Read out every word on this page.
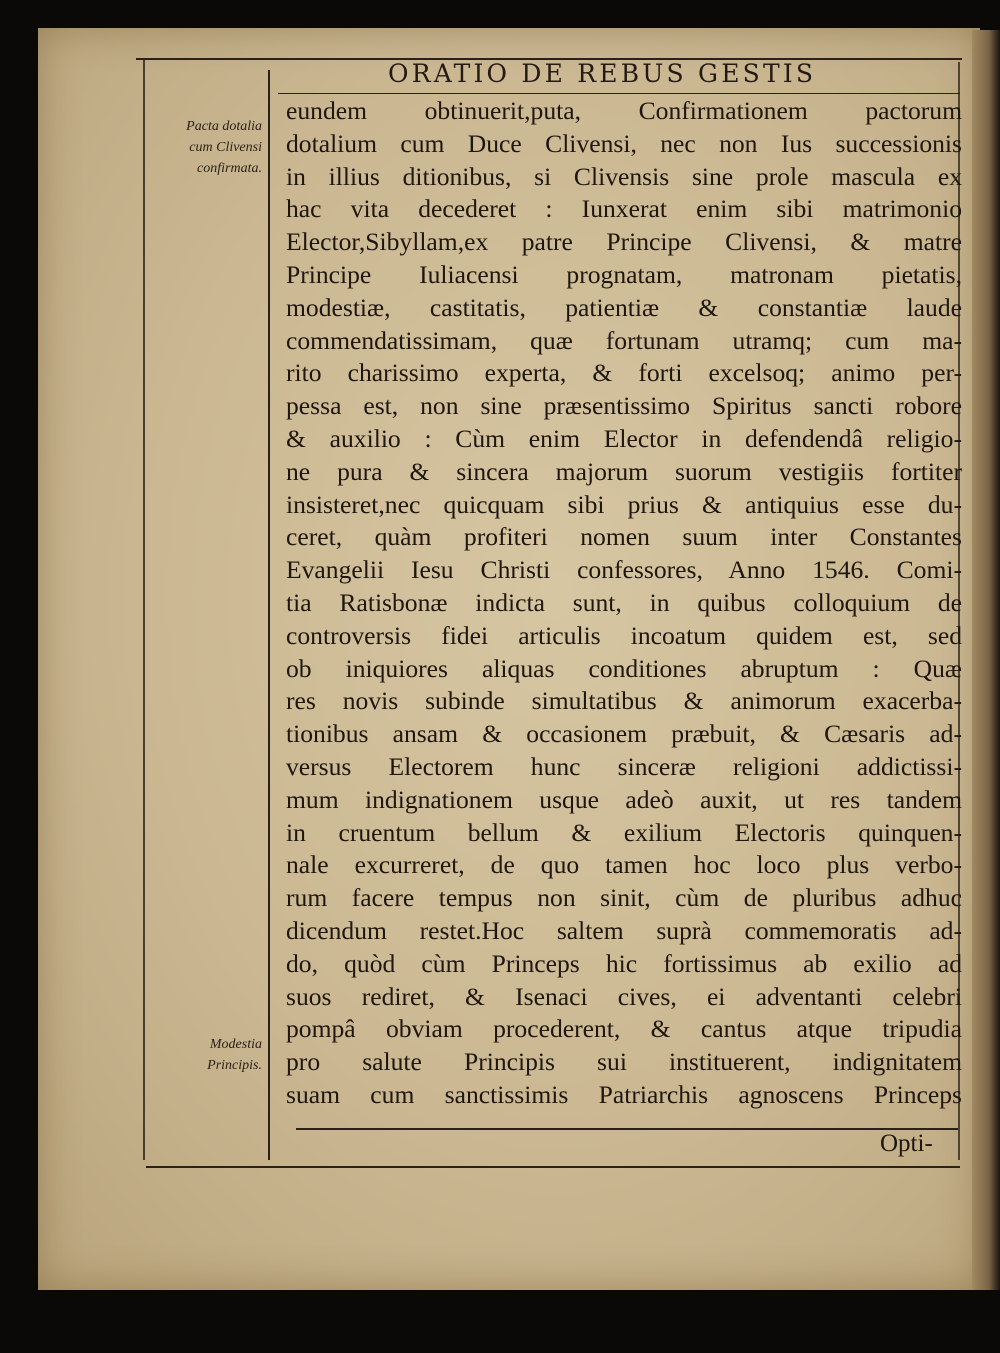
ORATIO DE REBUS GESTIS
Pacta dotalia
cum Clivensi
confirmata.
Modestia
Principis.
eundem obtinuerit,puta, Confirmationem pactorum
dotalium cum Duce Clivensi, nec non Ius successionis
in illius ditionibus, si Clivensis sine prole mascula ex
hac vita decederet : Iunxerat enim sibi matrimonio
Elector,Sibyllam,ex patre Principe Clivensi, & matre
Principe Iuliacensi prognatam, matronam pietatis,
modestiæ, castitatis, patientiæ & constantiæ laude
commendatissimam, quæ fortunam utramq; cum ma-
rito charissimo experta, & forti excelsoq; animo per-
pessa est, non sine præsentissimo Spiritus sancti robore
& auxilio : Cùm enim Elector in defendendâ religio-
ne pura & sincera majorum suorum vestigiis fortiter
insisteret,nec quicquam sibi prius & antiquius esse du-
ceret, quàm profiteri nomen suum inter Constantes
Evangelii Iesu Christi confessores, Anno 1546. Comi-
tia Ratisbonæ indicta sunt, in quibus colloquium de
controversis fidei articulis incoatum quidem est, sed
ob iniquiores aliquas conditiones abruptum : Quæ
res novis subinde simultatibus & animorum exacerba-
tionibus ansam & occasionem præbuit, & Cæsaris ad-
versus Electorem hunc sinceræ religioni addictissi-
mum indignationem usque adeò auxit, ut res tandem
in cruentum bellum & exilium Electoris quinquen-
nale excurreret, de quo tamen hoc loco plus verbo-
rum facere tempus non sinit, cùm de pluribus adhuc
dicendum restet.Hoc saltem suprà commemoratis ad-
do, quòd cùm Princeps hic fortissimus ab exilio ad
suos rediret, & Isenaci cives, ei adventanti celebri
pompâ obviam procederent, & cantus atque tripudia
pro salute Principis sui instituerent, indignitatem
suam cum sanctissimis Patriarchis agnoscens Princeps
Opti-
